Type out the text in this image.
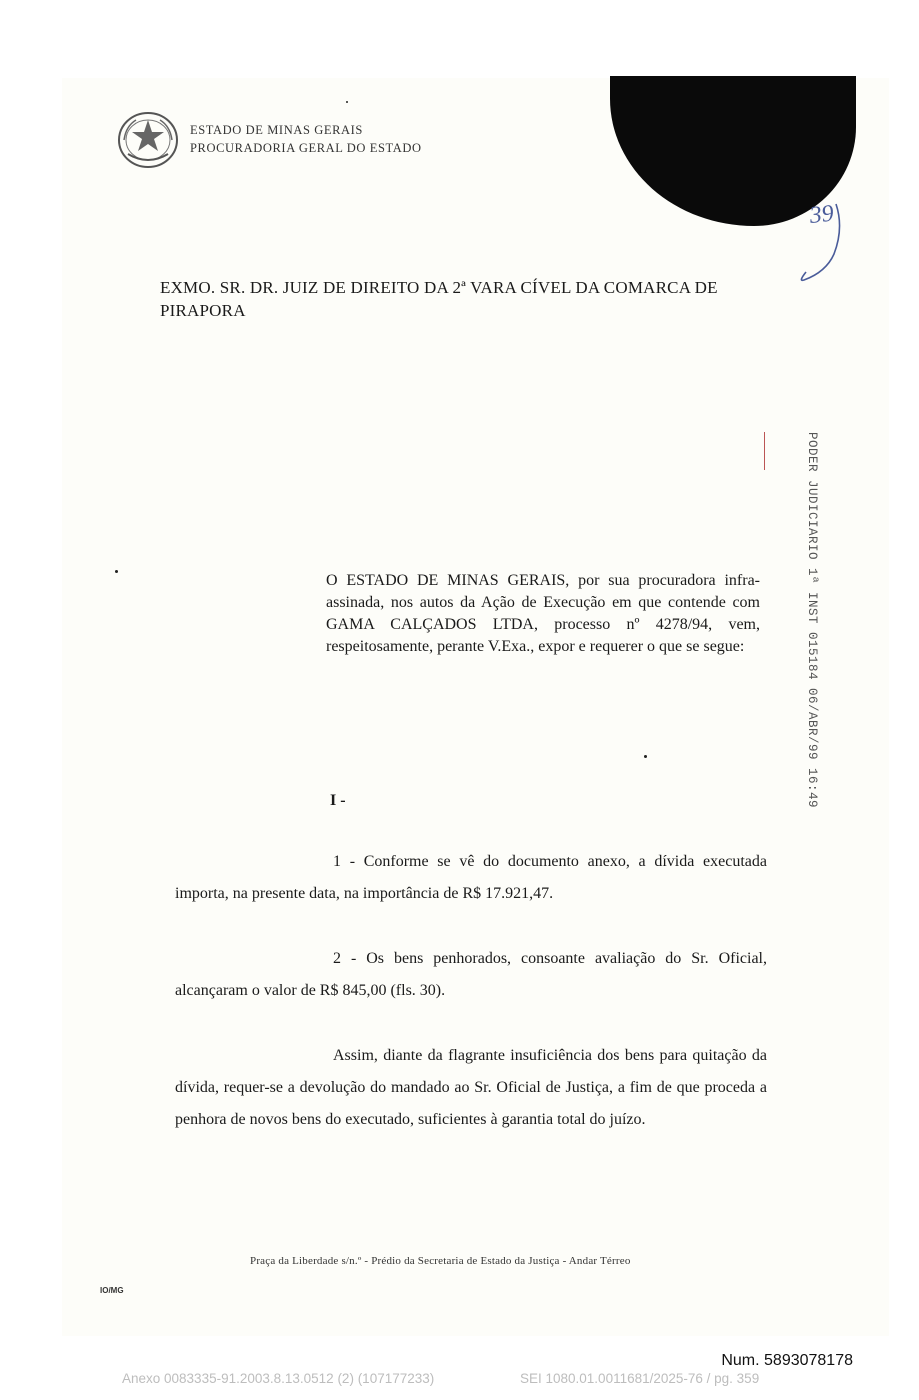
ESTADO DE MINAS GERAIS
PROCURADORIA GERAL DO ESTADO
39
EXMO. SR. DR. JUIZ DE DIREITO DA 2ª VARA CÍVEL DA COMARCA DE PIRAPORA
PODER JUDICIARIO 1ª INST 015184 06/ABR/99 16:49
O ESTADO DE MINAS GERAIS, por sua procuradora infra-assinada, nos autos da Ação de Execução em que contende com GAMA CALÇADOS LTDA, processo nº 4278/94, vem, respeitosamente, perante V.Exa., expor e requerer o que se segue:
I -

1 - Conforme se vê do documento anexo, a dívida executada importa, na presente data, na importância de R$ 17.921,47.

2 - Os bens penhorados, consoante avaliação do Sr. Oficial, alcançaram o valor de R$ 845,00 (fls. 30).

Assim, diante da flagrante insuficiência dos bens para quitação da dívida, requer-se a devolução do mandado ao Sr. Oficial de Justiça, a fim de que proceda a penhora de novos bens do executado, suficientes à garantia total do juízo.

Praça da Liberdade s/n.º - Prédio da Secretaria de Estado da Justiça - Andar Térreo
IO/MG
Num. 5893078178
Anexo 0083335-91.2003.8.13.0512 (2) (107177233)	SEI 1080.01.0011681/2025-76 / pg. 359
